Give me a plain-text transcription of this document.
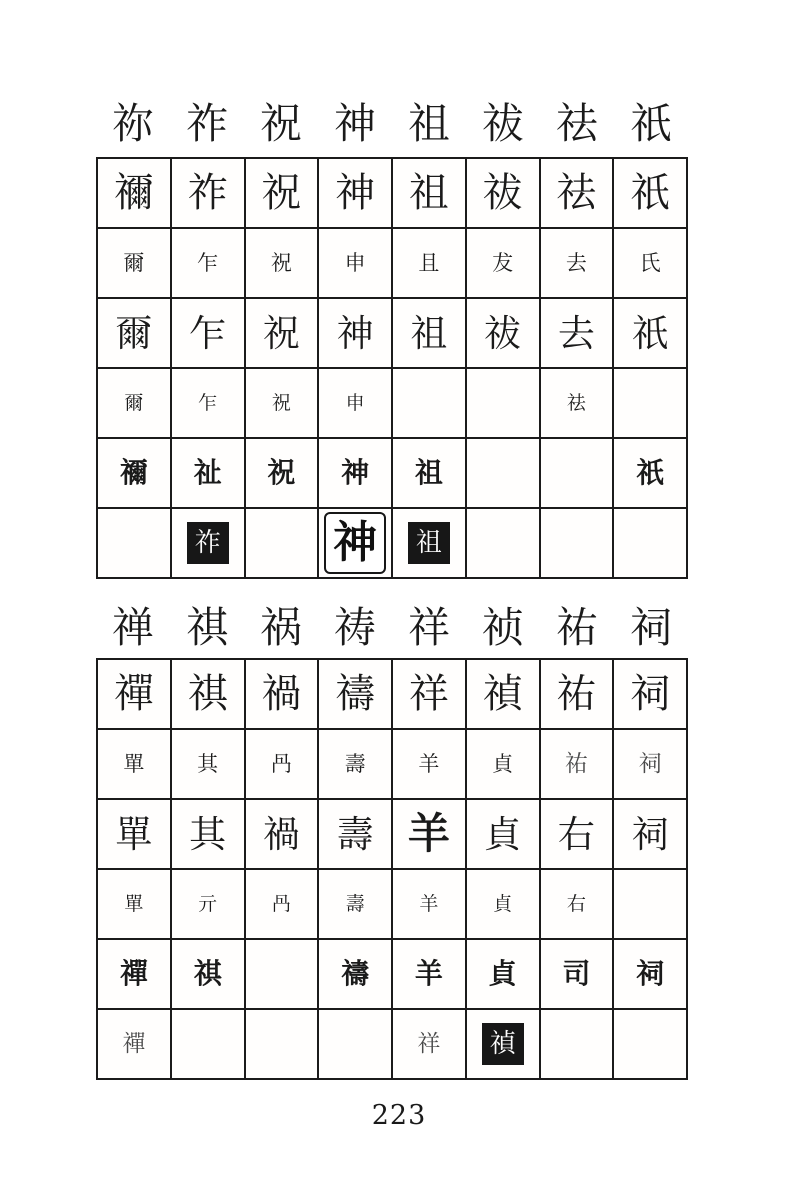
祢 祚 祝 神 祖 祓 祛 祇
禰	祚	祝	神	祖	祓	祛	祇
爾	乍	祝	申	且	犮	去	氏
爾	乍	祝	神	祖	祓	去	祇
爾	乍	祝	申			祛	
禰	祉	祝	神	祖			祇
	祚		神	祖			
禅 祺 祸 祷 祥 祯 祐 祠
禪	祺	禍	禱	祥	禎	祐	祠
單	其	冎	壽	羊	貞	祐	祠
單	其	禍	壽	羊	貞	右	祠
單	亓	冎	壽	羊	貞	右	
禪	祺		禱	羊	貞	司	祠
禪				祥	禎		
223
